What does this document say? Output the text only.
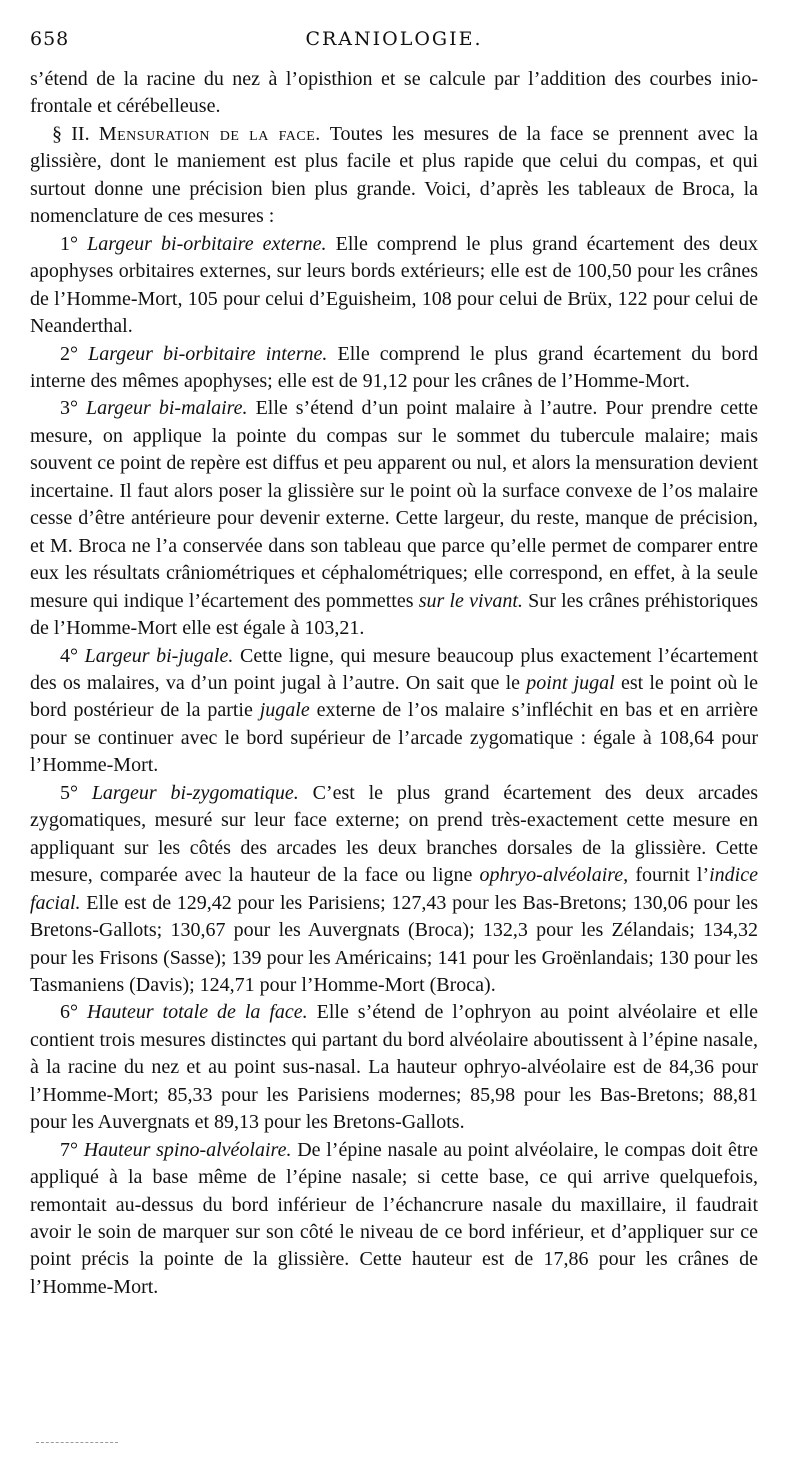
658	CRANIOLOGIE.

s’étend de la racine du nez à l’opisthion et se calcule par l’addition des courbes inio-frontale et cérébelleuse.

§ II. Mensuration de la face. Toutes les mesures de la face se prennent avec la glissière, dont le maniement est plus facile et plus rapide que celui du compas, et qui surtout donne une précision bien plus grande. Voici, d’après les tableaux de Broca, la nomenclature de ces mesures :

1° Largeur bi-orbitaire externe. Elle comprend le plus grand écartement des deux apophyses orbitaires externes, sur leurs bords extérieurs; elle est de 100,50 pour les crânes de l’Homme-Mort, 105 pour celui d’Eguisheim, 108 pour celui de Brüx, 122 pour celui de Neanderthal.

2° Largeur bi-orbitaire interne. Elle comprend le plus grand écartement du bord interne des mêmes apophyses; elle est de 91,12 pour les crânes de l’Homme-Mort.

3° Largeur bi-malaire. Elle s’étend d’un point malaire à l’autre. Pour prendre cette mesure, on applique la pointe du compas sur le sommet du tubercule malaire; mais souvent ce point de repère est diffus et peu apparent ou nul, et alors la mensuration devient incertaine. Il faut alors poser la glissière sur le point où la surface convexe de l’os malaire cesse d’être antérieure pour devenir externe. Cette largeur, du reste, manque de précision, et M. Broca ne l’a conservée dans son tableau que parce qu’elle permet de comparer entre eux les résultats crâniométriques et céphalométriques; elle correspond, en effet, à la seule mesure qui indique l’écartement des pommettes sur le vivant. Sur les crânes préhistoriques de l’Homme-Mort elle est égale à 103,21.

4° Largeur bi-jugale. Cette ligne, qui mesure beaucoup plus exactement l’écartement des os malaires, va d’un point jugal à l’autre. On sait que le point jugal est le point où le bord postérieur de la partie jugale externe de l’os malaire s’infléchit en bas et en arrière pour se continuer avec le bord supérieur de l’arcade zygomatique : égale à 108,64 pour l’Homme-Mort.

5° Largeur bi-zygomatique. C’est le plus grand écartement des deux arcades zygomatiques, mesuré sur leur face externe; on prend très-exactement cette mesure en appliquant sur les côtés des arcades les deux branches dorsales de la glissière. Cette mesure, comparée avec la hauteur de la face ou ligne ophryo-alvéolaire, fournit l’indice facial. Elle est de 129,42 pour les Parisiens; 127,43 pour les Bas-Bretons; 130,06 pour les Bretons-Gallots; 130,67 pour les Auvergnats (Broca); 132,3 pour les Zélandais; 134,32 pour les Frisons (Sasse); 139 pour les Américains; 141 pour les Groënlandais; 130 pour les Tasmaniens (Davis); 124,71 pour l’Homme-Mort (Broca).

6° Hauteur totale de la face. Elle s’étend de l’ophryon au point alvéolaire et elle contient trois mesures distinctes qui partant du bord alvéolaire aboutissent à l’épine nasale, à la racine du nez et au point sus-nasal. La hauteur ophryo-alvéolaire est de 84,36 pour l’Homme-Mort; 85,33 pour les Parisiens modernes; 85,98 pour les Bas-Bretons; 88,81 pour les Auvergnats et 89,13 pour les Bretons-Gallots.

7° Hauteur spino-alvéolaire. De l’épine nasale au point alvéolaire, le compas doit être appliqué à la base même de l’épine nasale; si cette base, ce qui arrive quelquefois, remontait au-dessus du bord inférieur de l’échancrure nasale du maxillaire, il faudrait avoir le soin de marquer sur son côté le niveau de ce bord inférieur, et d’appliquer sur ce point précis la pointe de la glissière. Cette hauteur est de 17,86 pour les crânes de l’Homme-Mort.
